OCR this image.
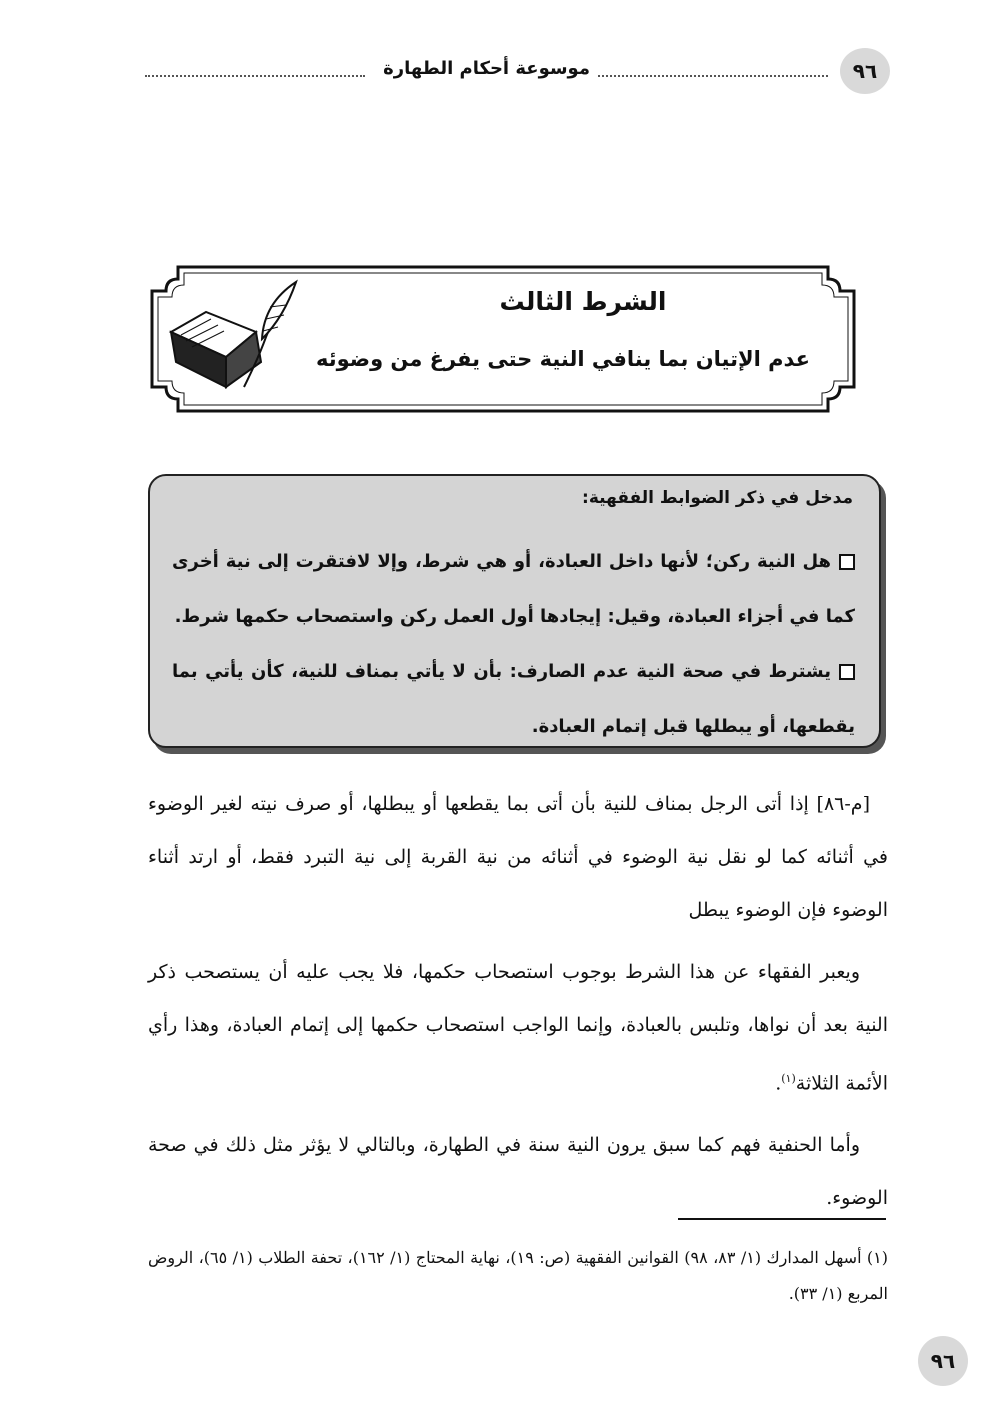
٩٦
موسوعة أحكام الطهارة
الشرط الثالث
عدم الإتيان بما ينافي النية حتى يفرغ من وضوئه
مدخل في ذكر الضوابط الفقهية:
هل النية ركن؛ لأنها داخل العبادة، أو هي شرط، وإلا لافتقرت إلى نية أخرى كما في أجزاء العبادة، وقيل: إيجادها أول العمل ركن واستصحاب حكمها شرط.
يشترط في صحة النية عدم الصارف: بأن لا يأتي بمناف للنية، كأن يأتي بما يقطعها، أو يبطلها قبل إتمام العبادة.

[م-٨٦] إذا أتى الرجل بمناف للنية بأن أتى بما يقطعها أو يبطلها، أو صرف نيته لغير الوضوء في أثنائه كما لو نقل نية الوضوء في أثنائه من نية القربة إلى نية التبرد فقط، أو ارتد أثناء الوضوء فإن الوضوء يبطل

ويعبر الفقهاء عن هذا الشرط بوجوب استصحاب حكمها، فلا يجب عليه أن يستصحب ذكر النية بعد أن نواها، وتلبس بالعبادة، وإنما الواجب استصحاب حكمها إلى إتمام العبادة، وهذا رأي الأئمة الثلاثة$^{(١)}$.

وأما الحنفية فهم كما سبق يرون النية سنة في الطهارة، وبالتالي لا يؤثر مثل ذلك في صحة الوضوء.

(١) أسهل المدارك (١/ ٨٣، ٩٨) القوانين الفقهية (ص: ١٩)، نهاية المحتاج (١/ ١٦٢)، تحفة الطلاب (١/ ٦٥)، الروض المربع (١/ ٣٣).
٩٦
